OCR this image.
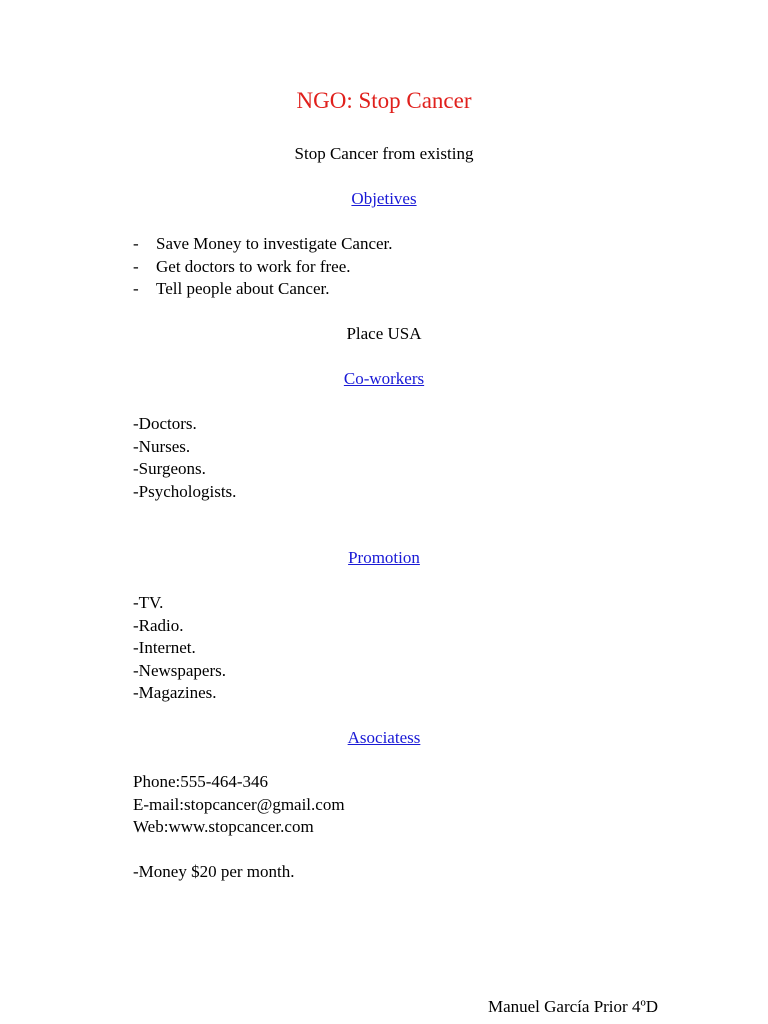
NGO: Stop Cancer
Stop Cancer from existing
Objetives
- Save Money to investigate Cancer.
- Get doctors to work for free.
- Tell people about Cancer.
Place USA
Co-workers
-Doctors.
-Nurses.
-Surgeons.
-Psychologists.
Promotion
-TV.
-Radio.
-Internet.
-Newspapers.
-Magazines.
Asociatess
Phone:555-464-346
E-mail:stopcancer@gmail.com
Web:www.stopcancer.com
-Money $20 per month.
Manuel García Prior 4ºD
